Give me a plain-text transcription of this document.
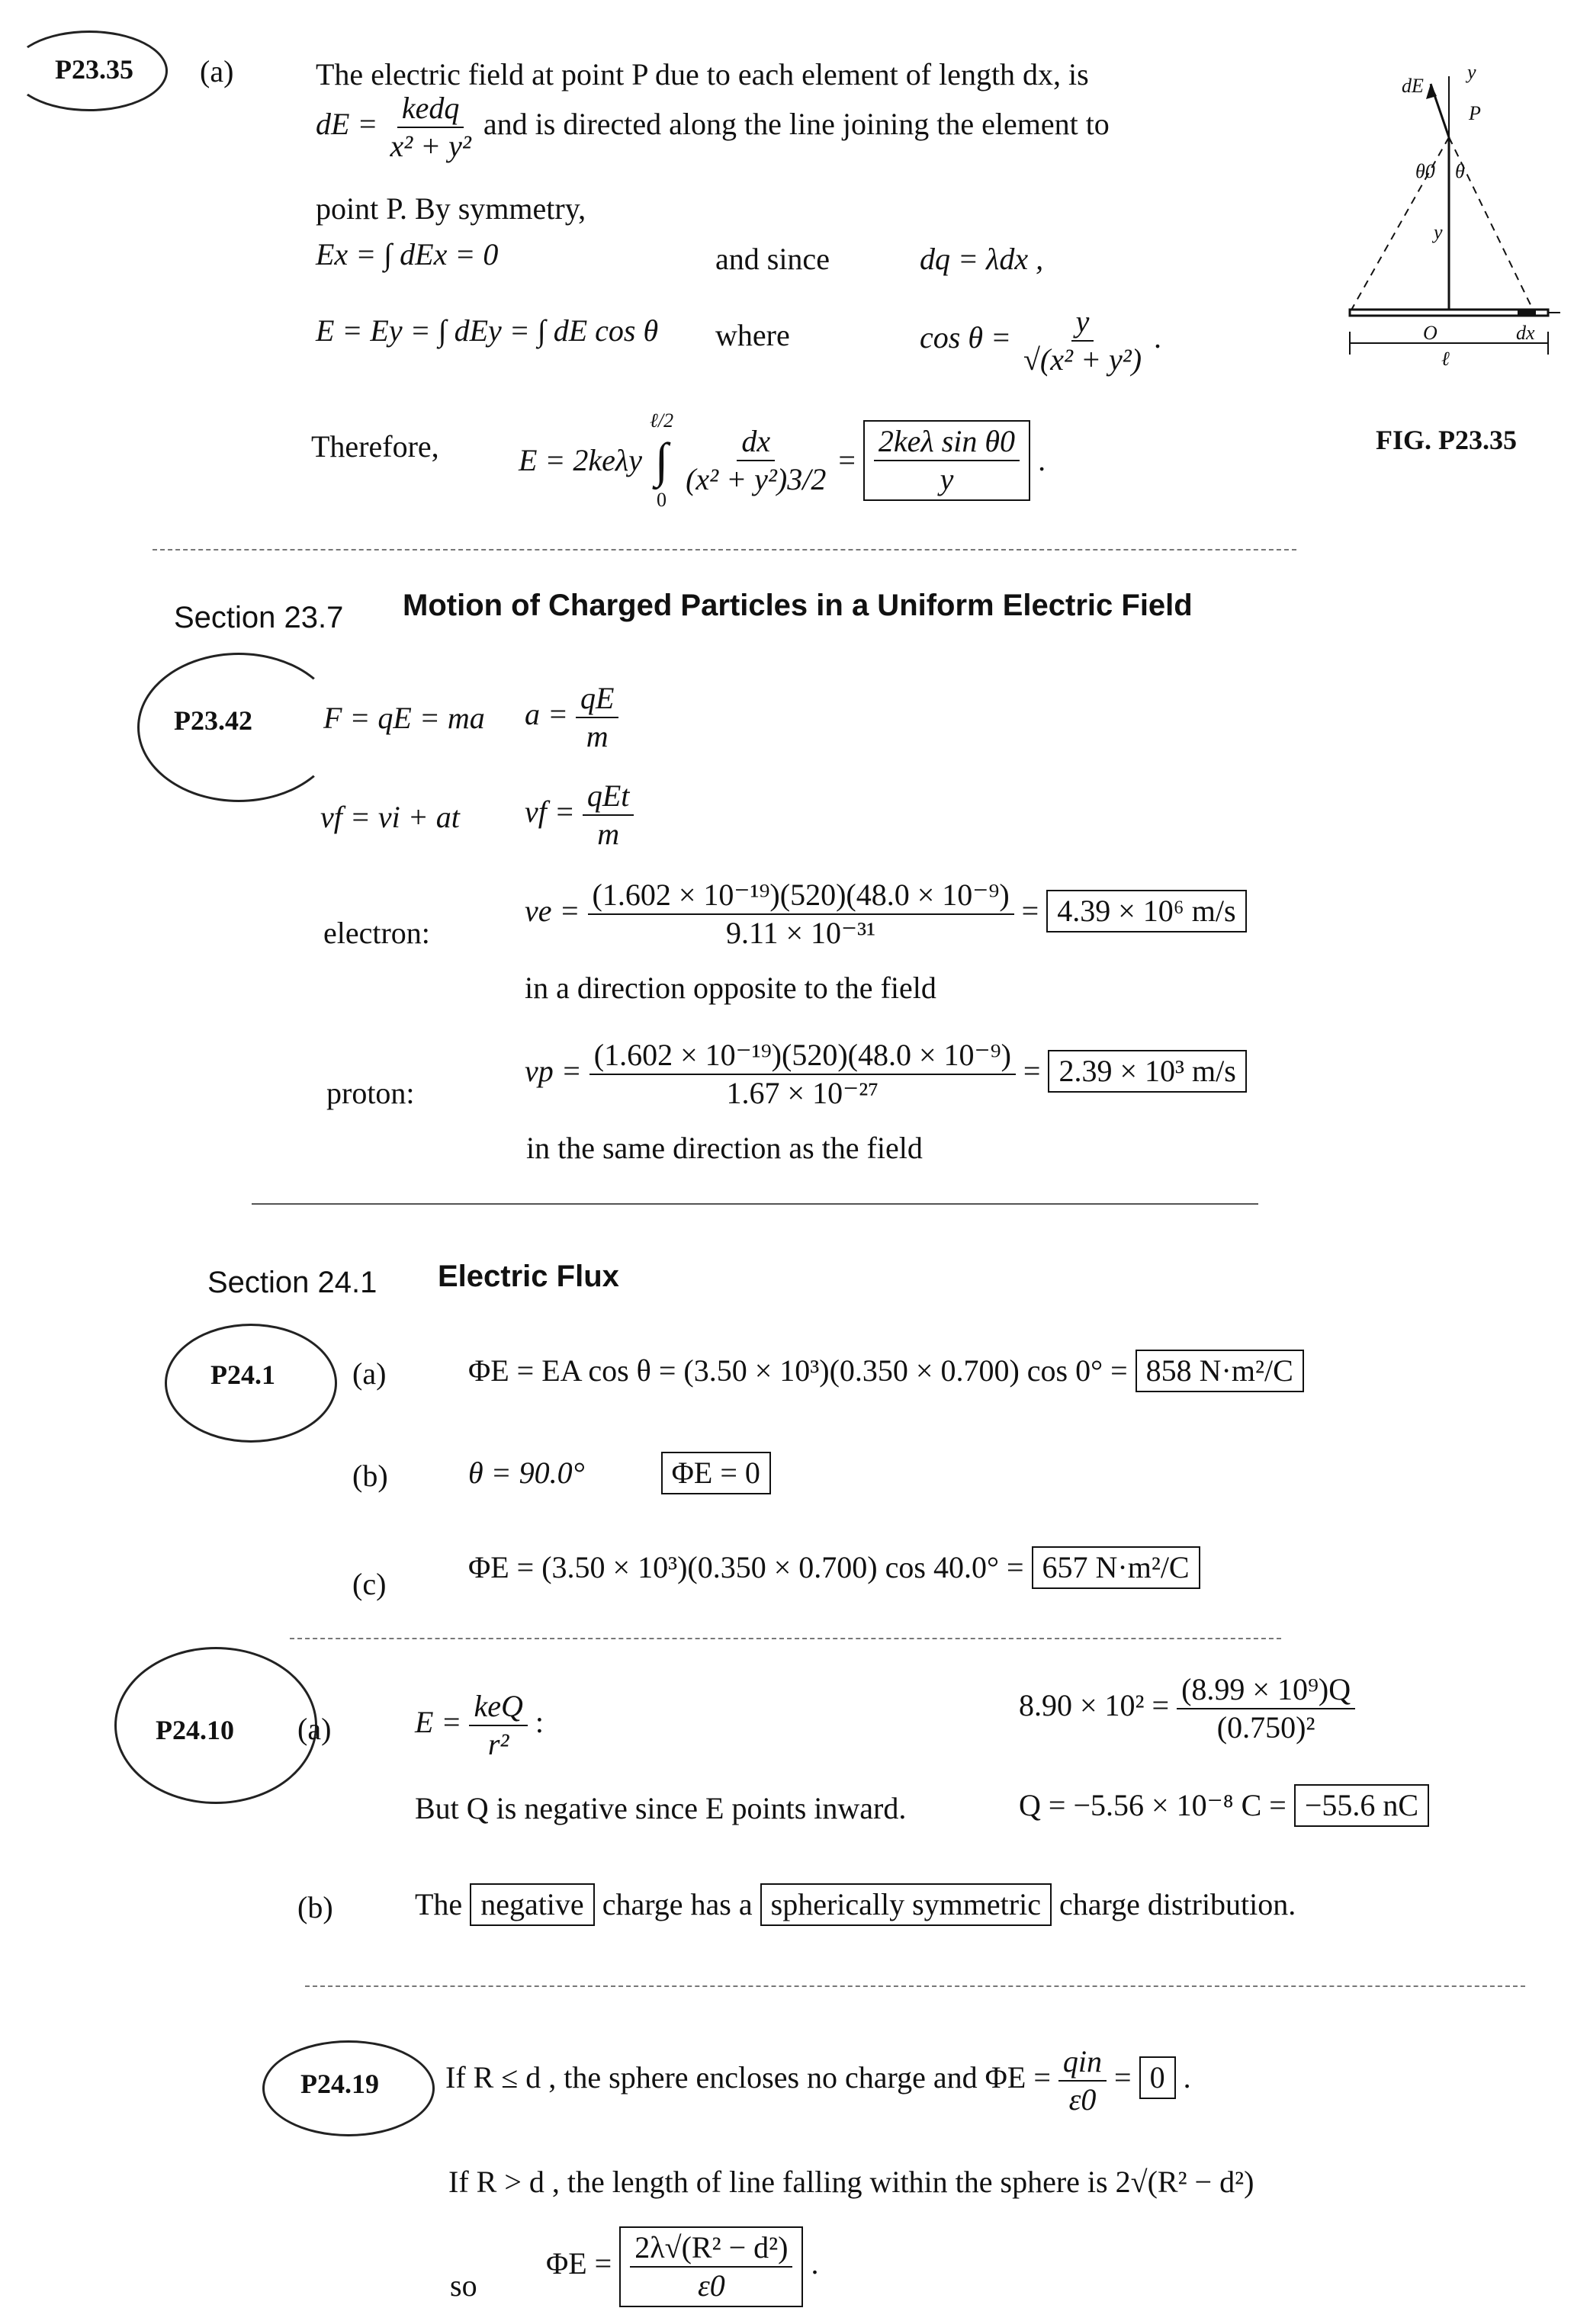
P23.35 (a)	The electric field at point P due to each element of length dx, is
dE = $\frac{\text{kedq}}{\text{x² + y²}}$ and is directed along the line joining the element to
point P. By symmetry,
Ex = ∫ dEx = 0	and since	dq = λdx ,
E = Ey = ∫ dEy = ∫ dE cos θ where	$\cos \theta = \frac{y}{\text{√(x² + y²)}}$ .
Therefore,	E = 2keλy
ℓ/2
∫
0

$\frac{dx}{\text{(x² + y²)3/2}} = \frac{\text{2keλ sin θ0}}{y}$ .
dE
y
P
θ0 θ
y
O
ℓ
dx
FIG. P23.35
Section 23.7 Motion of Charged Particles in a Uniform Electric Field
P23.42 F = qE = ma $a = \frac{qE}{m}$
vf = vi + at vf = $\frac{\text{qEt}}{m}$
electron:
ve = $\frac{\text{(1.602 × 10⁻¹⁹)(520)(48.0 × 10⁻⁹)}}{\text{9.11 × 10⁻³¹}} = 4.39 \times 10^6$ m/s
in a direction opposite to the field
proton:
vp = $\frac{\text{(1.602 × 10⁻¹⁹)(520)(48.0 × 10⁻⁹)}}{\text{1.67 × 10⁻²⁷}} = 2.39 \times 10^3$ m/s
in the same direction as the field
Section 24.1 Electric Flux
P24.1	(a)	ΦE = EA cos θ = (3.50 × 10³)(0.350 × 0.700) cos 0° = 858 N·m²/C
(b)	θ = 90.0°	ΦE = 0
(c)	ΦE = (3.50 × 10³)(0.350 × 0.700) cos 40.0° = 657 N·m²/C
P24.10 (a)	$E = \frac{\text{keQ}}{\text{r²}}$ :	$8.90 \times 10^2 = \frac{\text{(8.99 × 10⁹)Q}}{\text{(0.750)²}}$
But Q is negative since E points inward.	Q = −5.56 × 10⁻⁸ C = −55.6 nC
(b)	The negative charge has a spherically symmetric charge distribution.
P24.19 If R ≤ d , the sphere encloses no charge and $\Phi E = \frac{\text{qin}}{\varepsilon 0} = 0$ .
If R > d , the length of line falling within the sphere is 2√(R² − d²)
so
$\Phi E = \frac{\text{2λ√(R² − d²)}}{\varepsilon 0}$ .
